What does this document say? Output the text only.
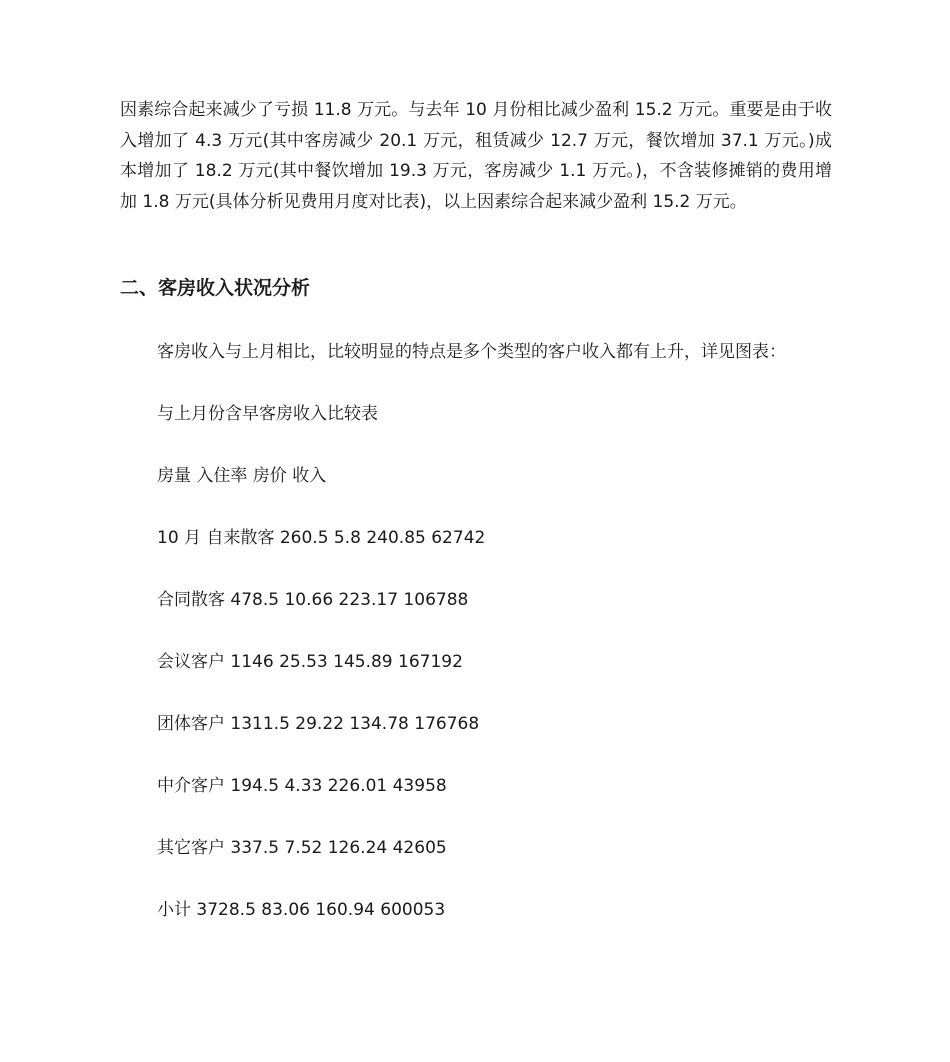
因素综合起来减少了亏损 11.8 万元。与去年 10 月份相比减少盈利 15.2 万元。重要是由于收入增加了 4.3 万元(其中客房减少 20.1 万元，租赁减少 12.7 万元，餐饮增加 37.1 万元。)成本增加了 18.2 万元(其中餐饮增加 19.3 万元，客房减少 1.1 万元。)，不含装修摊销的费用增加 1.8 万元(具体分析见费用月度对比表)，以上因素综合起来减少盈利 15.2 万元。

二、客房收入状况分析

客房收入与上月相比，比较明显的特点是多个类型的客户收入都有上升，详见图表：

与上月份含早客房收入比较表

房量 入住率 房价 收入

10 月 自来散客 260.5 5.8 240.85 62742

合同散客 478.5 10.66 223.17 106788

会议客户 1146 25.53 145.89 167192

团体客户 1311.5 29.22 134.78 176768

中介客户 194.5 4.33 226.01 43958

其它客户 337.5 7.52 126.24 42605

小计 3728.5 83.06 160.94 600053
